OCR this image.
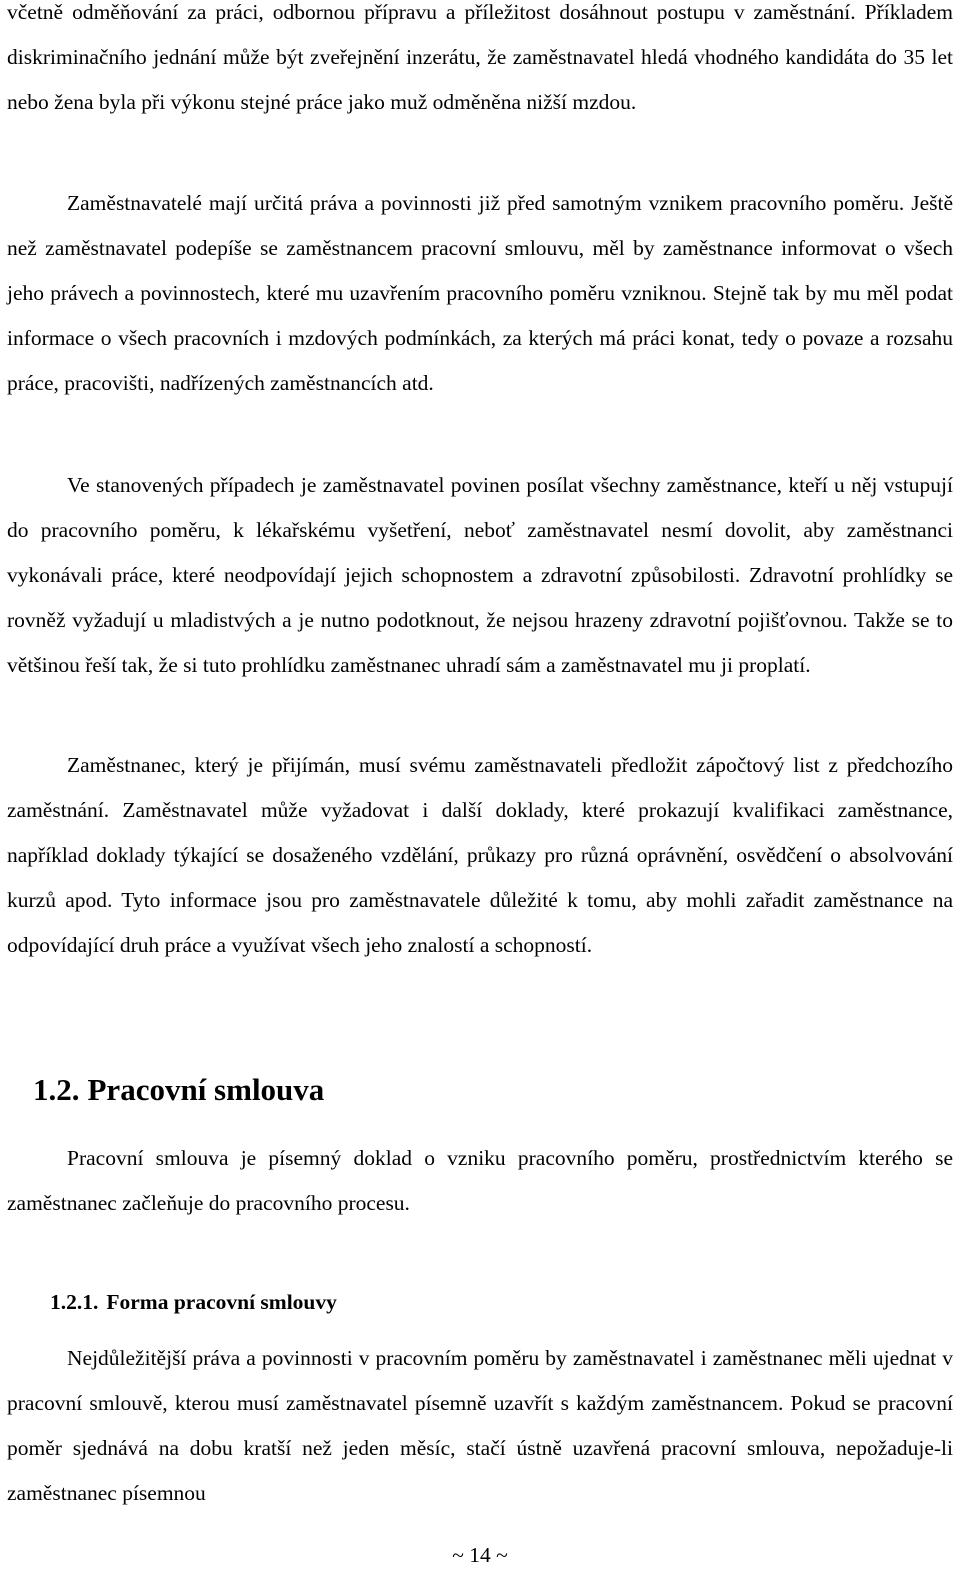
včetně odměňování za práci, odbornou přípravu a příležitost dosáhnout postupu v zaměstnání. Příkladem diskriminačního jednání může být zveřejnění inzerátu, že zaměstnavatel hledá vhodného kandidáta do 35 let nebo žena byla při výkonu stejné práce jako muž odměněna nižší mzdou.

Zaměstnavatelé mají určitá práva a povinnosti již před samotným vznikem pracovního poměru. Ještě než zaměstnavatel podepíše se zaměstnancem pracovní smlouvu, měl by zaměstnance informovat o všech jeho právech a povinnostech, které mu uzavřením pracovního poměru vzniknou. Stejně tak by mu měl podat informace o všech pracovních i mzdových podmínkách, za kterých má práci konat, tedy o povaze a rozsahu práce, pracovišti, nadřízených zaměstnancích atd.

Ve stanovených případech je zaměstnavatel povinen posílat všechny zaměstnance, kteří u něj vstupují do pracovního poměru, k lékařskému vyšetření, neboť zaměstnavatel nesmí dovolit, aby zaměstnanci vykonávali práce, které neodpovídají jejich schopnostem a zdravotní způsobilosti. Zdravotní prohlídky se rovněž vyžadují u mladistvých a je nutno podotknout, že nejsou hrazeny zdravotní pojišťovnou. Takže se to většinou řeší tak, že si tuto prohlídku zaměstnanec uhradí sám a zaměstnavatel mu ji proplatí.

Zaměstnanec, který je přijímán, musí svému zaměstnavateli předložit zápočtový list z předchozího zaměstnání. Zaměstnavatel může vyžadovat i další doklady, které prokazují kvalifikaci zaměstnance, například doklady týkající se dosaženého vzdělání, průkazy pro různá oprávnění, osvědčení o absolvování kurzů apod. Tyto informace jsou pro zaměstnavatele důležité k tomu, aby mohli zařadit zaměstnance na odpovídající druh práce a využívat všech jeho znalostí a schopností.

1.2. Pracovní smlouva

Pracovní smlouva je písemný doklad o vzniku pracovního poměru, prostřednictvím kterého se zaměstnanec začleňuje do pracovního procesu.

1.2.1. Forma pracovní smlouvy

Nejdůležitější práva a povinnosti v pracovním poměru by zaměstnavatel i zaměstnanec měli ujednat v pracovní smlouvě, kterou musí zaměstnavatel písemně uzavřít s každým zaměstnancem. Pokud se pracovní poměr sjednává na dobu kratší než jeden měsíc, stačí ústně uzavřená pracovní smlouva, nepožaduje-li zaměstnanec písemnou

~ 14 ~
